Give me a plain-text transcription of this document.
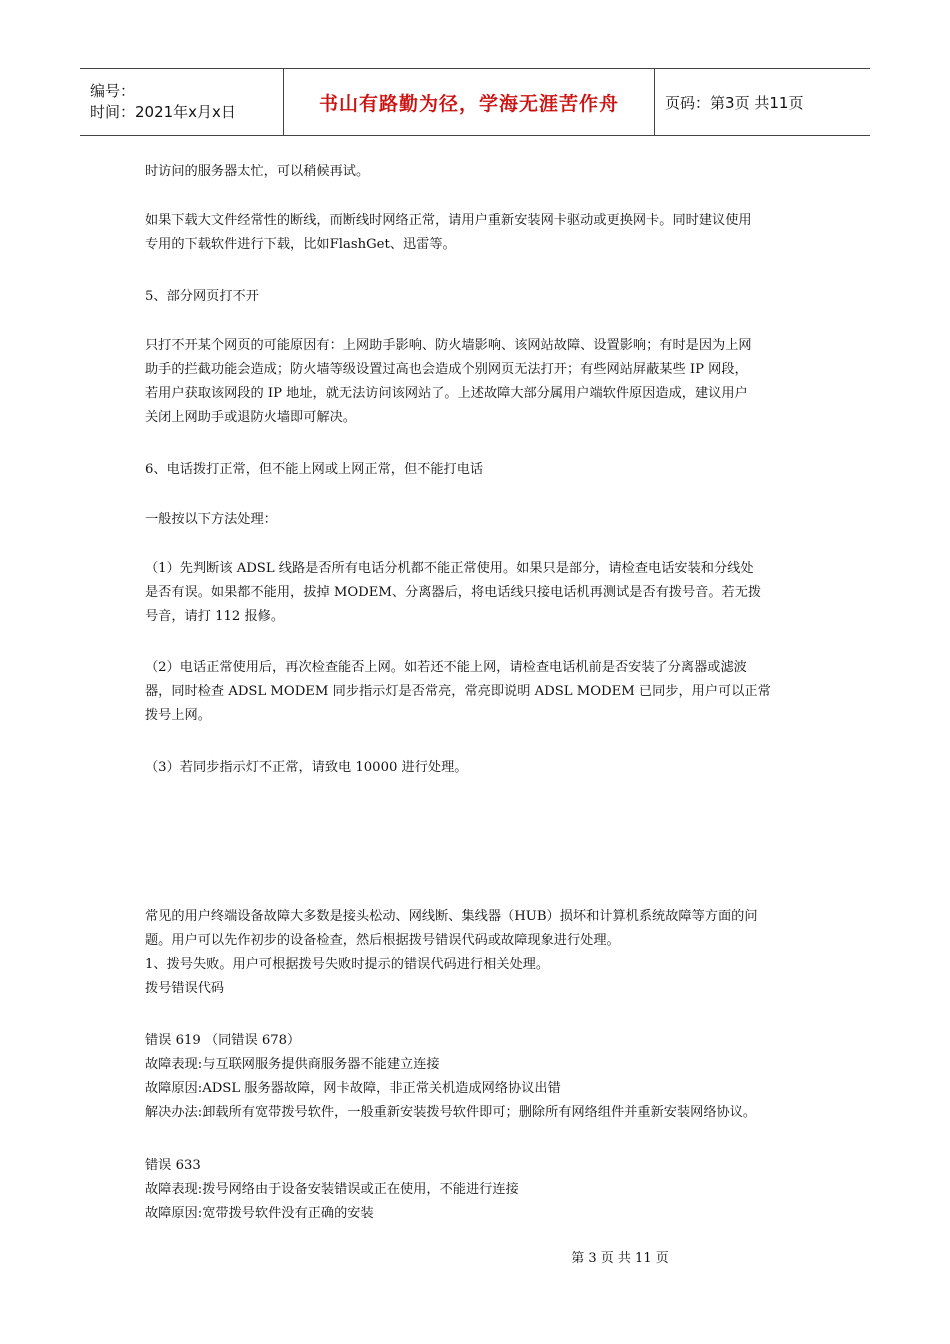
编号：
时间：2021年x月x日	书山有路勤为径，学海无涯苦作舟	页码：第3页 共11页

时访问的服务器太忙，可以稍候再试。

如果下载大文件经常性的断线，而断线时网络正常，请用户重新安装网卡驱动或更换网卡。同时建议使用

专用的下载软件进行下载，比如FlashGet、迅雷等。

5、部分网页打不开

只打不开某个网页的可能原因有：上网助手影响、防火墙影响、该网站故障、设置影响；有时是因为上网

助手的拦截功能会造成；防火墙等级设置过高也会造成个别网页无法打开；有些网站屏蔽某些 IP 网段，

若用户获取该网段的 IP 地址，就无法访问该网站了。上述故障大部分属用户端软件原因造成，建议用户

关闭上网助手或退防火墙即可解决。

6、电话拨打正常，但不能上网或上网正常，但不能打电话

一般按以下方法处理：

（1）先判断该 ADSL 线路是否所有电话分机都不能正常使用。如果只是部分，请检查电话安装和分线处

是否有误。如果都不能用，拔掉 MODEM、分离器后，将电话线只接电话机再测试是否有拨号音。若无拨

号音，请打 112 报修。

（2）电话正常使用后，再次检查能否上网。如若还不能上网，请检查电话机前是否安装了分离器或滤波

器，同时检查 ADSL MODEM 同步指示灯是否常亮，常亮即说明 ADSL MODEM 已同步，用户可以正常

拨号上网。

（3）若同步指示灯不正常，请致电 10000 进行处理。

常见的用户终端设备故障大多数是接头松动、网线断、集线器（HUB）损坏和计算机系统故障等方面的问

题。用户可以先作初步的设备检查，然后根据拨号错误代码或故障现象进行处理。

1、拨号失败。用户可根据拨号失败时提示的错误代码进行相关处理。

拨号错误代码

错误 619 （同错误 678）

故障表现:与互联网服务提供商服务器不能建立连接

故障原因:ADSL 服务器故障，网卡故障，非正常关机造成网络协议出错

解决办法:卸载所有宽带拨号软件，一般重新安装拨号软件即可；删除所有网络组件并重新安装网络协议。

错误 633

故障表现:拨号网络由于设备安装错误或正在使用，不能进行连接

故障原因:宽带拨号软件没有正确的安装

第 3 页 共 11 页
